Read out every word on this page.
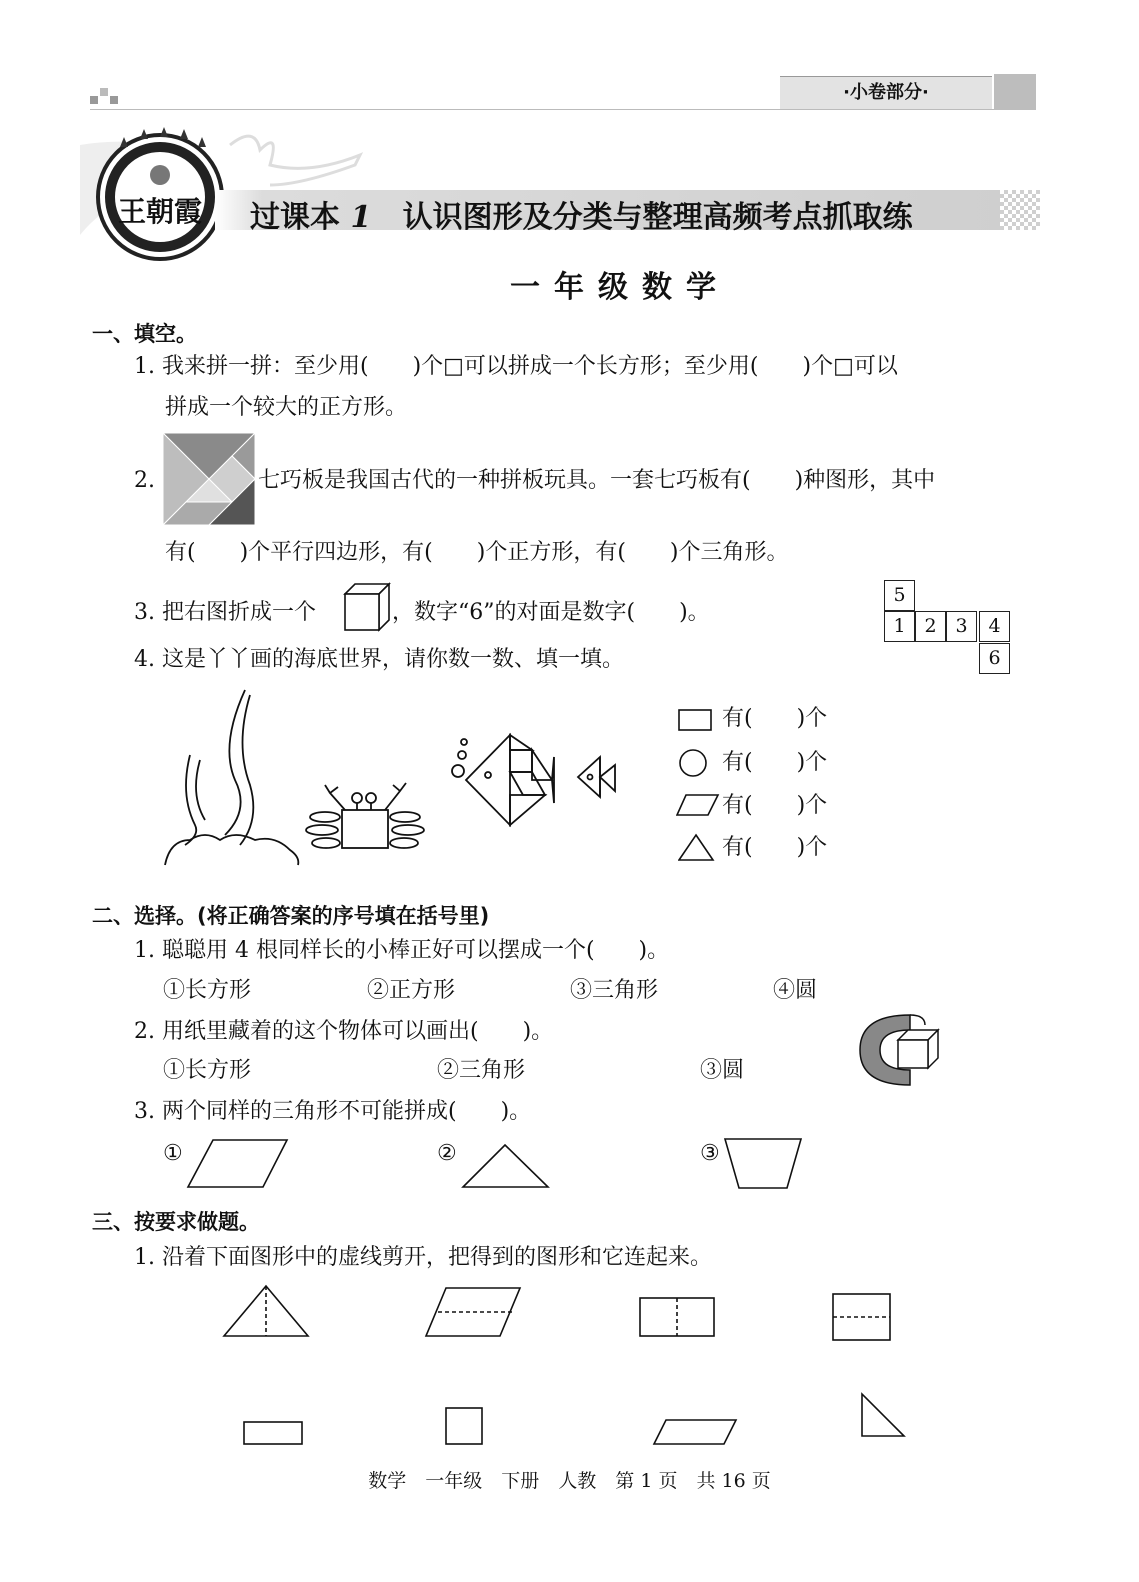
·小卷部分·
王朝霞 过课本 1 认识图形及分类与整理高频考点抓取练
一年级数学
一、填空。
1. 我来拼一拼：至少用(　　)个□可以拼成一个长方形；至少用(　　)个□可以
拼成一个较大的正方形。
2.	七巧板是我国古代的一种拼板玩具。一套七巧板有(　　)种图形，其中
有(　　)个平行四边形，有(　　)个正方形，有(　　)个三角形。
3. 把右图折成一个	，数字“6”的对面是数字(　　)。
5
1 2 3	4
6
4. 这是丫丫画的海底世界，请你数一数、填一填。
有(　　)个
有(　　)个
有(　　)个
有(　　)个
二、选择。(将正确答案的序号填在括号里)
1. 聪聪用 4 根同样长的小棒正好可以摆成一个(　　)。
①长方形	②正方形	③三角形	④圆
2. 用纸里藏着的这个物体可以画出(　　)。
①长方形	②三角形	③圆
3. 两个同样的三角形不可能拼成(　　)。
①	②	③
三、按要求做题。
1. 沿着下面图形中的虚线剪开，把得到的图形和它连起来。
数学　一年级　下册　人教　第 1 页　共 16 页
